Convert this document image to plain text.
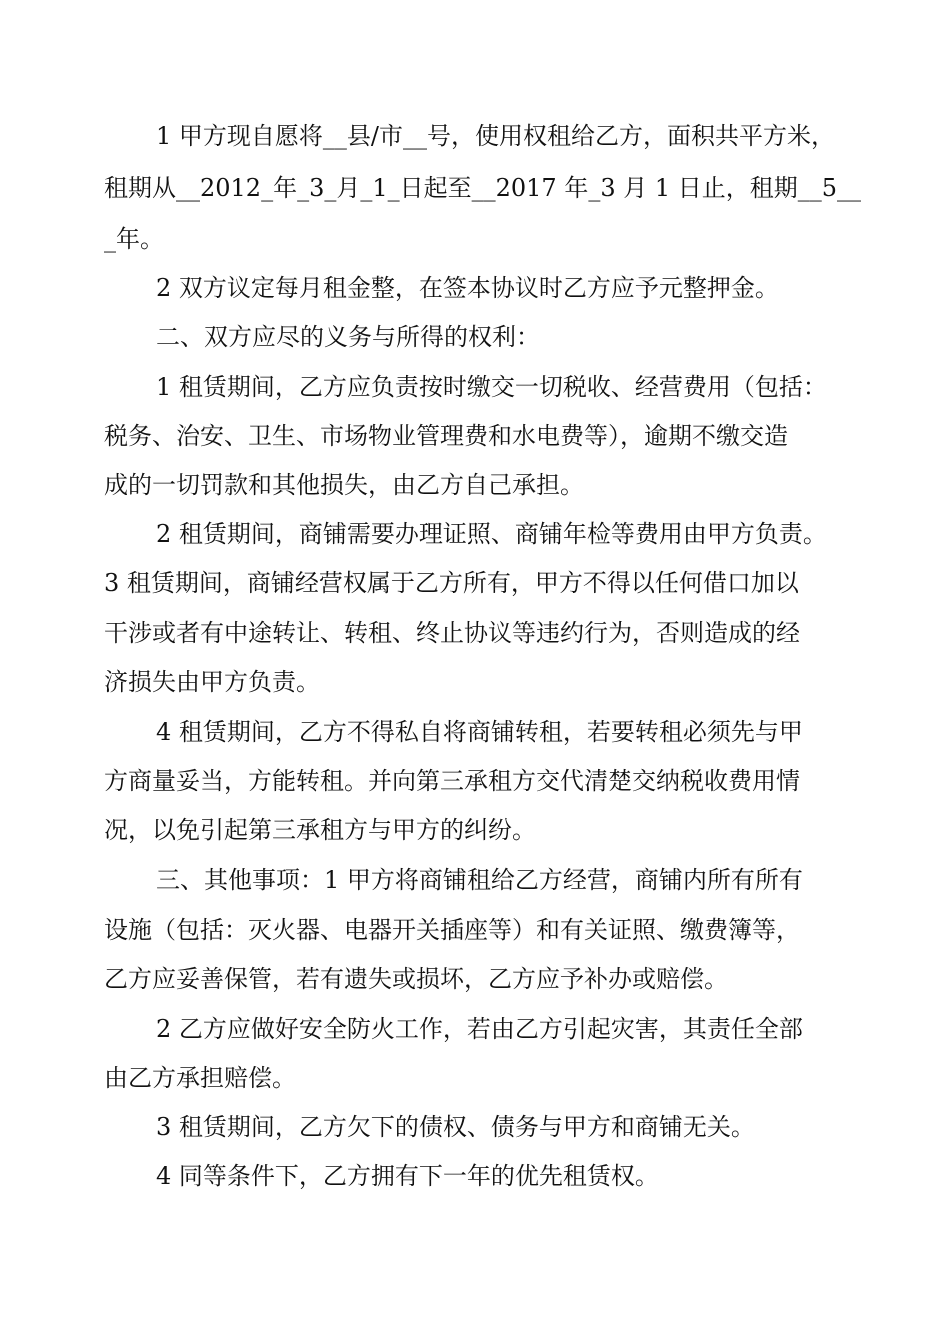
1 甲方现自愿将__县/市__号，使用权租给乙方，面积共平方米，
租期从__2012_年_3_月_1_日起至__2017 年_3 月 1 日止，租期__5__
_年。
2 双方议定每月租金整，在签本协议时乙方应予元整押金。
二、双方应尽的义务与所得的权利：
1 租赁期间，乙方应负责按时缴交一切税收、经营费用（包括：
税务、治安、卫生、市场物业管理费和水电费等），逾期不缴交造
成的一切罚款和其他损失，由乙方自己承担。
2 租赁期间，商铺需要办理证照、商铺年检等费用由甲方负责。
3 租赁期间，商铺经营权属于乙方所有，甲方不得以任何借口加以
干涉或者有中途转让、转租、终止协议等违约行为，否则造成的经
济损失由甲方负责。
4 租赁期间，乙方不得私自将商铺转租，若要转租必须先与甲
方商量妥当，方能转租。并向第三承租方交代清楚交纳税收费用情
况，以免引起第三承租方与甲方的纠纷。
三、其他事项：1 甲方将商铺租给乙方经营，商铺内所有所有
设施（包括：灭火器、电器开关插座等）和有关证照、缴费簿等，
乙方应妥善保管，若有遗失或损坏，乙方应予补办或赔偿。
2 乙方应做好安全防火工作，若由乙方引起灾害，其责任全部
由乙方承担赔偿。
3 租赁期间，乙方欠下的债权、债务与甲方和商铺无关。
4 同等条件下，乙方拥有下一年的优先租赁权。
